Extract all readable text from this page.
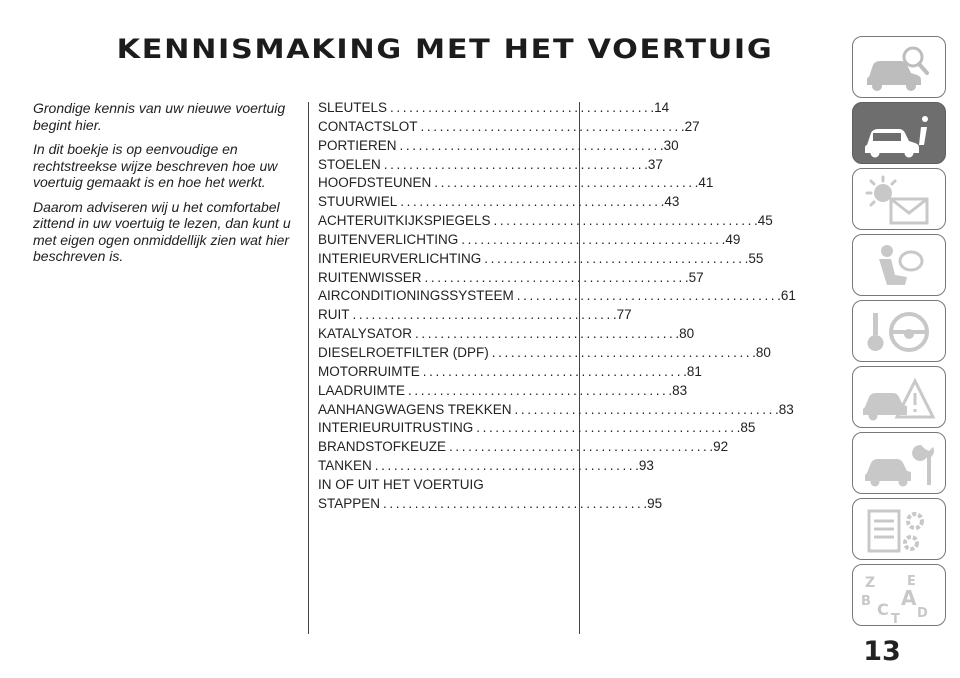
KENNISMAKING MET HET VOERTUIG

Grondige kennis van uw nieuwe voertuig begint hier.

In dit boekje is op eenvoudige en rechtstreekse wijze beschreven hoe uw voertuig gemaakt is en hoe het werkt.

Daarom adviseren wij u het comfortabel zittend in uw voertuig te lezen, dan kunt u met eigen ogen onmiddellijk zien wat hier beschreven is.

SLEUTELS ......................................... .14
CONTACTSLOT ......................................... .27
PORTIEREN ......................................... .30
STOELEN ......................................... .37
HOOFDSTEUNEN ......................................... .41
STUURWIEL ......................................... .43
ACHTERUITKIJKSPIEGELS ......................................... .45
BUITENVERLICHTING ......................................... .49
INTERIEURVERLICHTING ......................................... .55
RUITENWISSER ......................................... .57
AIRCONDITIONINGSSYSTEEM ......................................... .61
RUIT ......................................... .77
KATALYSATOR ......................................... .80
DIESELROETFILTER (DPF) ......................................... .80
MOTORRUIMTE ......................................... .81
LAADRUIMTE ......................................... .83
AANHANGWAGENS TREKKEN ......................................... .83
INTERIEURUITRUSTING ......................................... .85
BRANDSTOFKEUZE ......................................... .92
TANKEN ......................................... .93
IN OF UIT HET VOERTUIG
STAPPEN ......................................... .95
Z E
B A
C D
T
13
